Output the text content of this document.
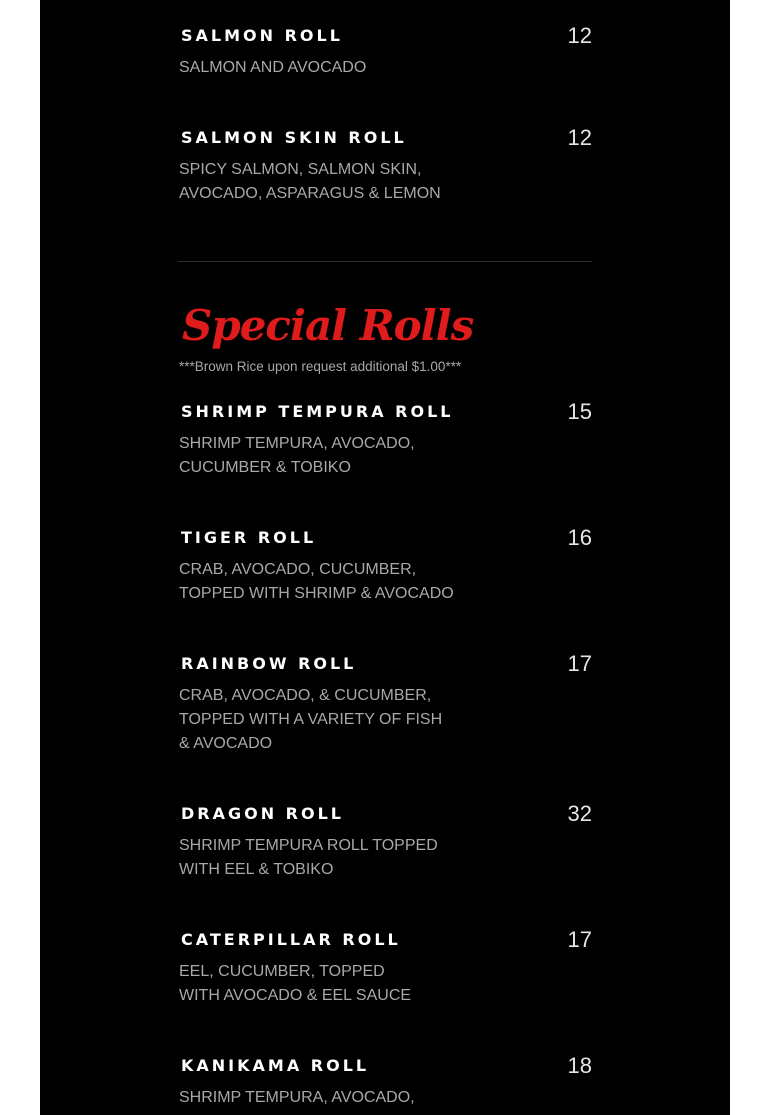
SALMON ROLL	12
SALMON AND AVOCADO
SALMON SKIN ROLL	12
SPICY SALMON, SALMON SKIN, AVOCADO, ASPARAGUS & LEMON
Special Rolls
***Brown Rice upon request additional $1.00***
SHRIMP TEMPURA ROLL	15
SHRIMP TEMPURA, AVOCADO, CUCUMBER & TOBIKO
TIGER ROLL	16
CRAB, AVOCADO, CUCUMBER, TOPPED WITH SHRIMP & AVOCADO
RAINBOW ROLL	17
CRAB, AVOCADO, & CUCUMBER, TOPPED WITH A VARIETY OF FISH & AVOCADO
DRAGON ROLL	32
SHRIMP TEMPURA ROLL TOPPED WITH EEL & TOBIKO
CATERPILLAR ROLL	17
EEL, CUCUMBER, TOPPED WITH AVOCADO & EEL SAUCE
KANIKAMA ROLL	18
SHRIMP TEMPURA, AVOCADO,
